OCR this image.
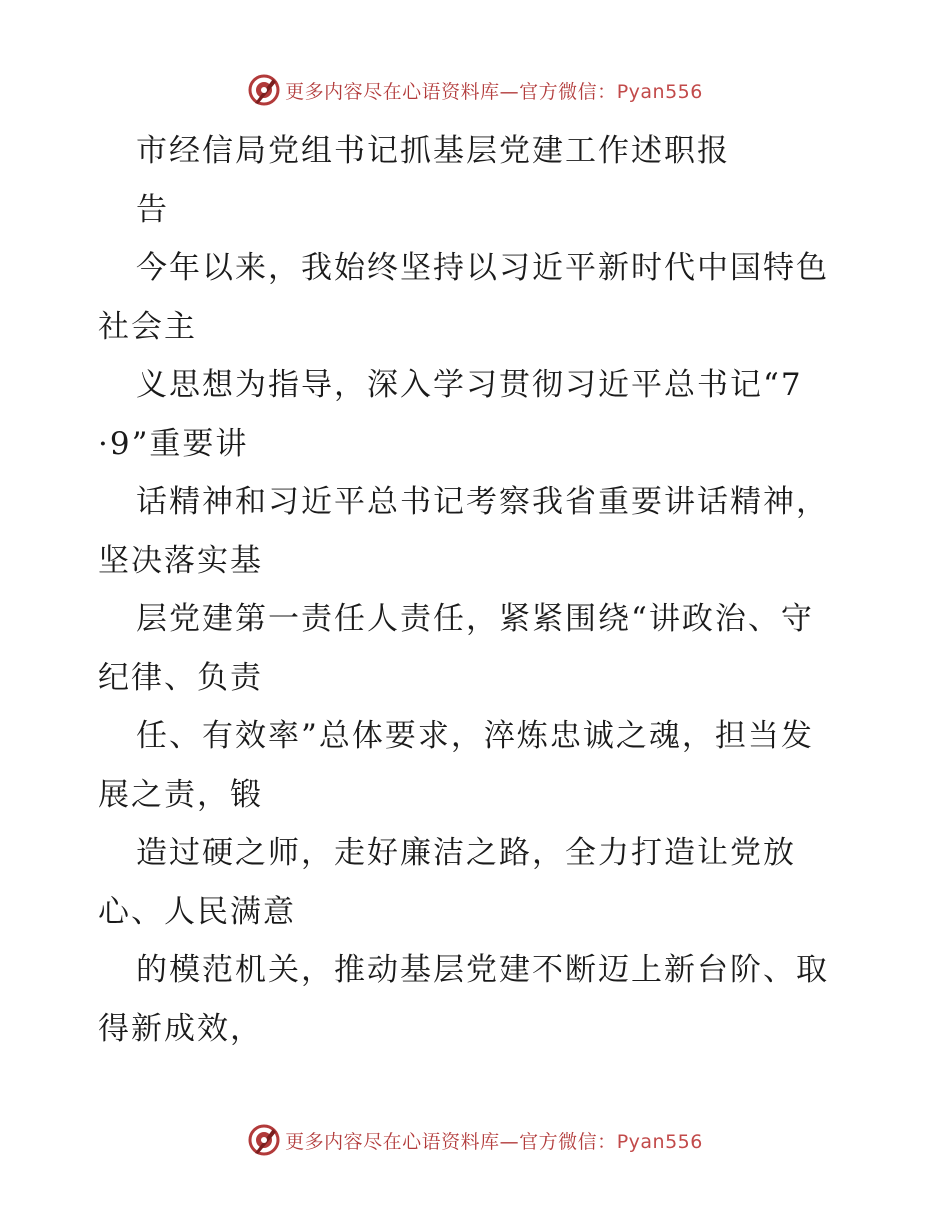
更多内容尽在心语资料库—官方微信：Pyan556
市经信局党组书记抓基层党建工作述职报
告
今年以来，我始终坚持以习近平新时代中国特色
社会主
义思想为指导，深入学习贯彻习近平总书记“7
·9”重要讲
话精神和习近平总书记考察我省重要讲话精神，
坚决落实基
层党建第一责任人责任，紧紧围绕“讲政治、守
纪律、负责
任、有效率”总体要求，淬炼忠诚之魂，担当发
展之责，锻
造过硬之师，走好廉洁之路，全力打造让党放
心、人民满意
的模范机关，推动基层党建不断迈上新台阶、取
得新成效，
更多内容尽在心语资料库—官方微信：Pyan556
